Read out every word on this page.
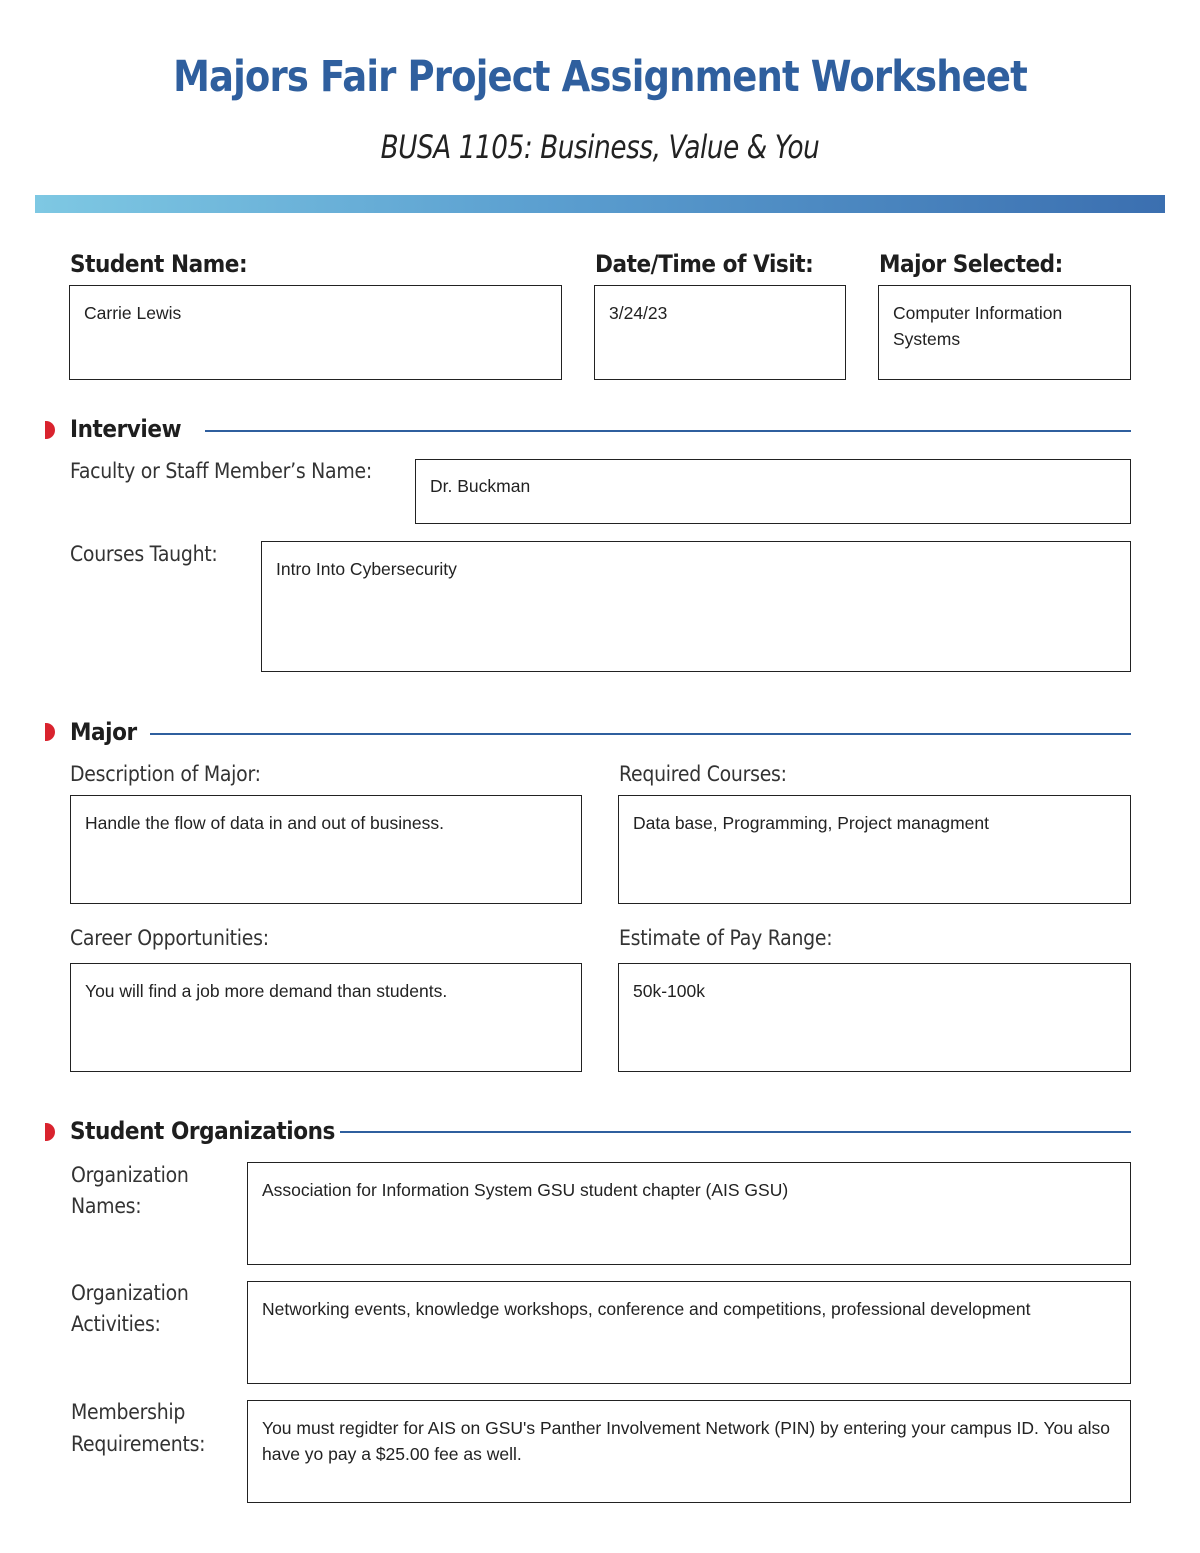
Majors Fair Project Assignment Worksheet
BUSA 1105: Business, Value & You
Student Name:
Carrie Lewis
Date/Time of Visit:
3/24/23
Major Selected:
Computer Information Systems
Interview
Faculty or Staff Member’s Name:
Dr. Buckman
Courses Taught:
Intro Into Cybersecurity
Major
Description of Major:
Handle the flow of data in and out of business.
Required Courses:
Data base, Programming, Project managment
Career Opportunities:
You will find a job more demand than students.
Estimate of Pay Range:
50k-100k
Student Organizations
Organization
Names:
Association for Information System GSU student chapter (AIS GSU)
Organization
Activities:
Networking events, knowledge workshops, conference and competitions, professional development
Membership
Requirements:
You must regidter for AIS on GSU's Panther Involvement Network (PIN) by entering your campus ID. You also have yo pay a $25.00 fee as well.
